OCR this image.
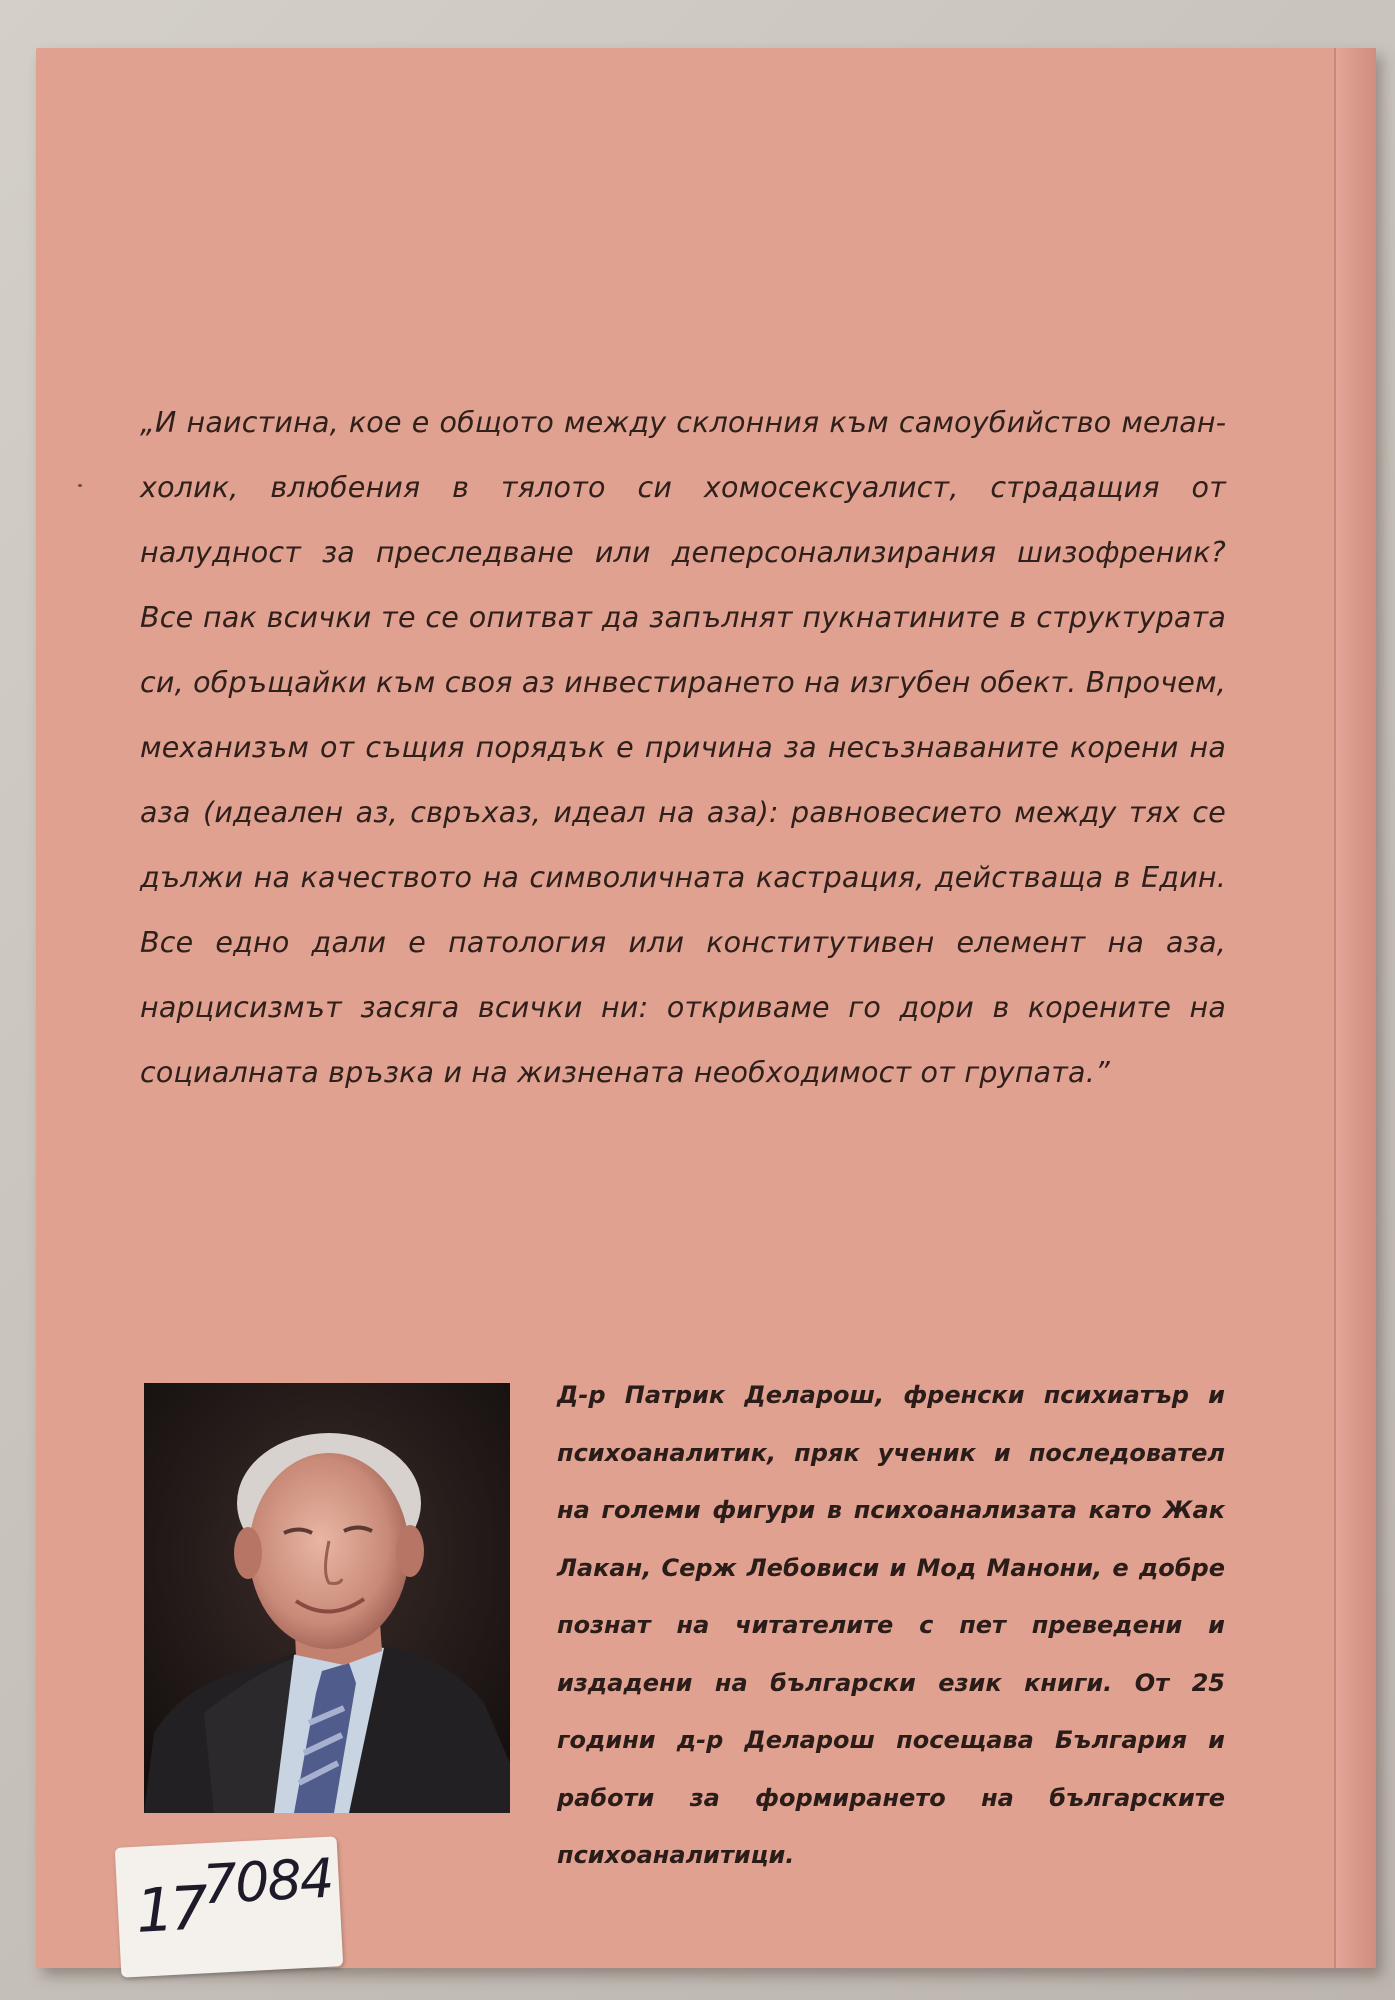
„И наистина, кое е общото между склонния към самоубийство меланхолик, влюбения в тялото си хомосексуалист, страдащия от налудност за преследване или деперсонализирания шизофреник? Все пак всички те се опитват да запълнят пукнатините в структурата си, обръщайки към своя аз инвестирането на изгубен обект. Впрочем, механизъм от същия порядък е причина за несъзнаваните корени на аза (идеален аз, свръхаз, идеал на аза): равновесието между тях се дължи на качеството на символичната кастрация, действаща в Един. Все едно дали е патология или конститутивен елемент на аза, нарцисизмът засяга всички ни: откриваме го дори в корените на социалната връзка и на жизнената необходимост от групата.”

Д-р Патрик Деларош, френски психиатър и психоаналитик, пряк ученик и последовател на големи фигури в психоанализата като Жак Лакан, Серж Лебовиси и Мод Манони, е добре познат на читателите с пет преведени и издадени на български език книги. От 25 години д-р Деларош посещава България и работи за формирането на българските психоаналитици.

17
7084
